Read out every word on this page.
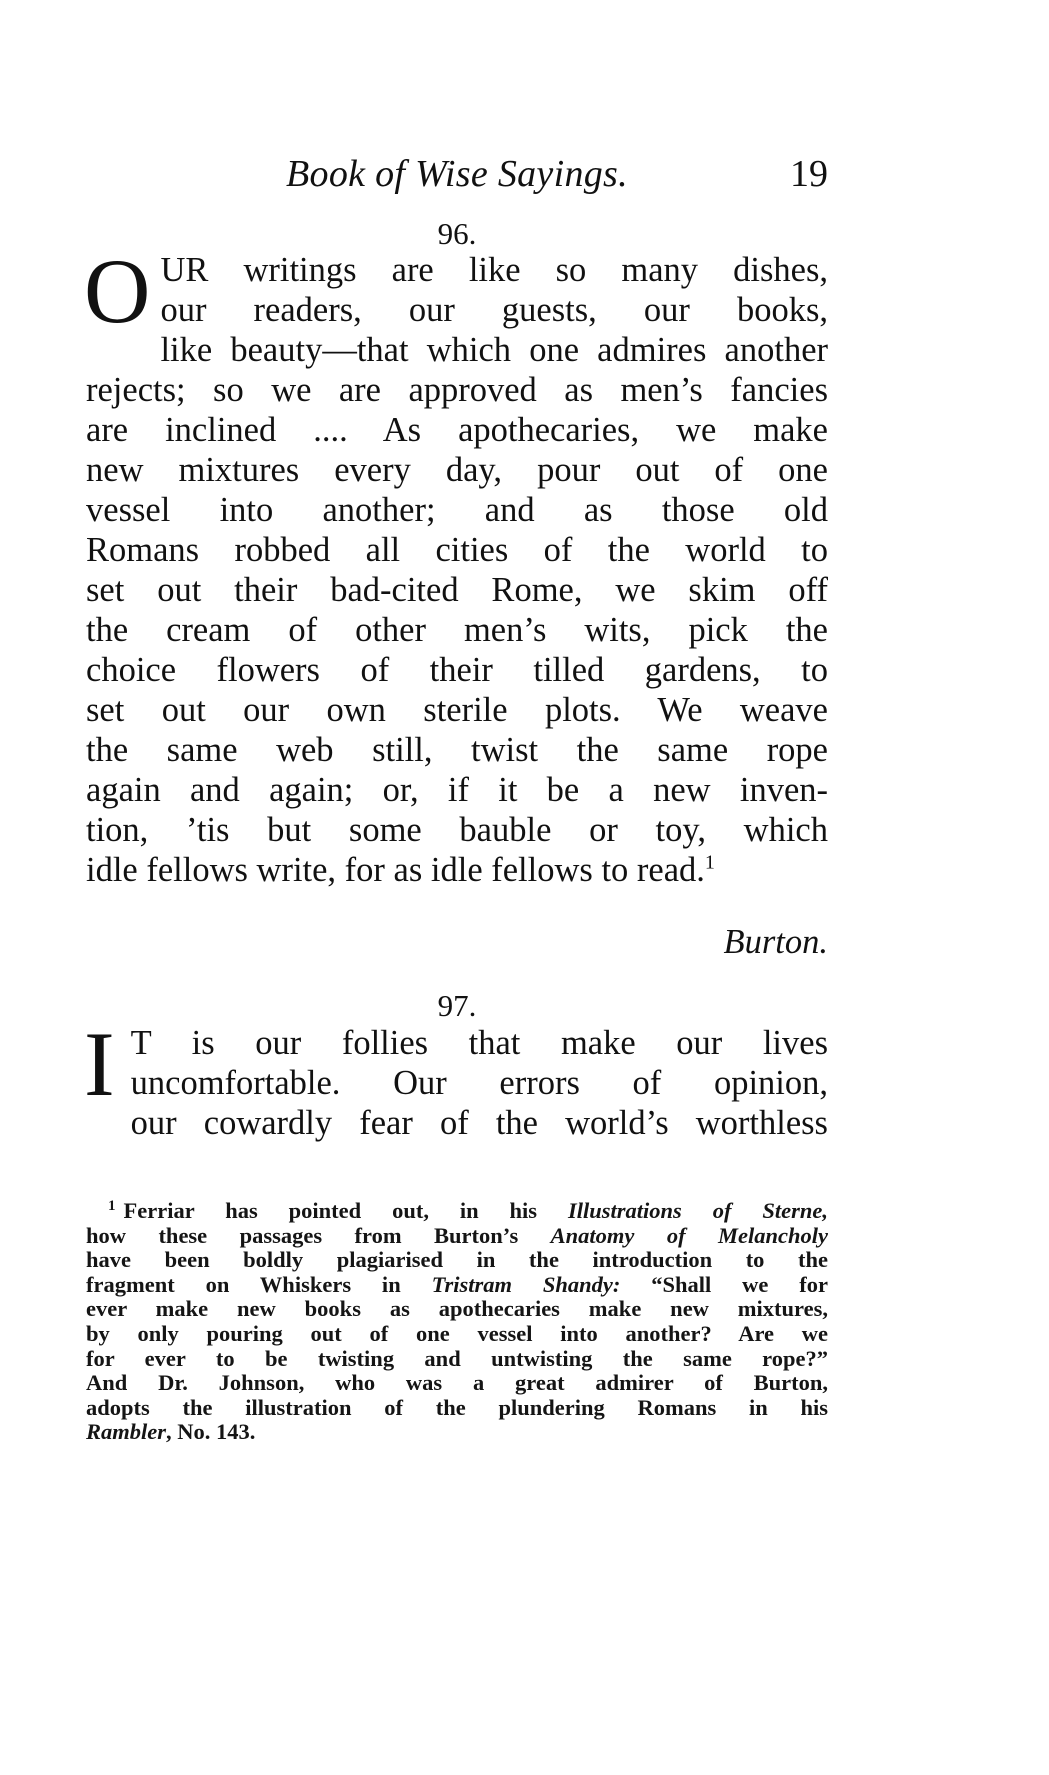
Book of Wise Sayings.	19
96.
O UR writings are like so many dishes,
our readers, our guests, our books,
like beauty—that which one admires another
rejects; so we are approved as men’s fancies
are inclined .... As apothecaries, we make
new mixtures every day, pour out of one
vessel into another; and as those old
Romans robbed all cities of the world to
set out their bad-cited Rome, we skim off
the cream of other men’s wits, pick the
choice flowers of their tilled gardens, to
set out our own sterile plots. We weave
the same web still, twist the same rope
again and again; or, if it be a new inven-
tion, ’tis but some bauble or toy, which
idle fellows write, for as idle fellows to read.$^1$
Burton.
97.
I T is our follies that make our lives
uncomfortable. Our errors of opinion,
our cowardly fear of the world’s worthless

$^1$ Ferriar has pointed out, in his Illustrations of Sterne,
how these passages from Burton’s Anatomy of Melancholy
have been boldly plagiarised in the introduction to the
fragment on Whiskers in Tristram Shandy: “Shall we for
ever make new books as apothecaries make new mixtures,
by only pouring out of one vessel into another? Are we
for ever to be twisting and untwisting the same rope?”
And Dr. Johnson, who was a great admirer of Burton,
adopts the illustration of the plundering Romans in his
Rambler, No. 143.
